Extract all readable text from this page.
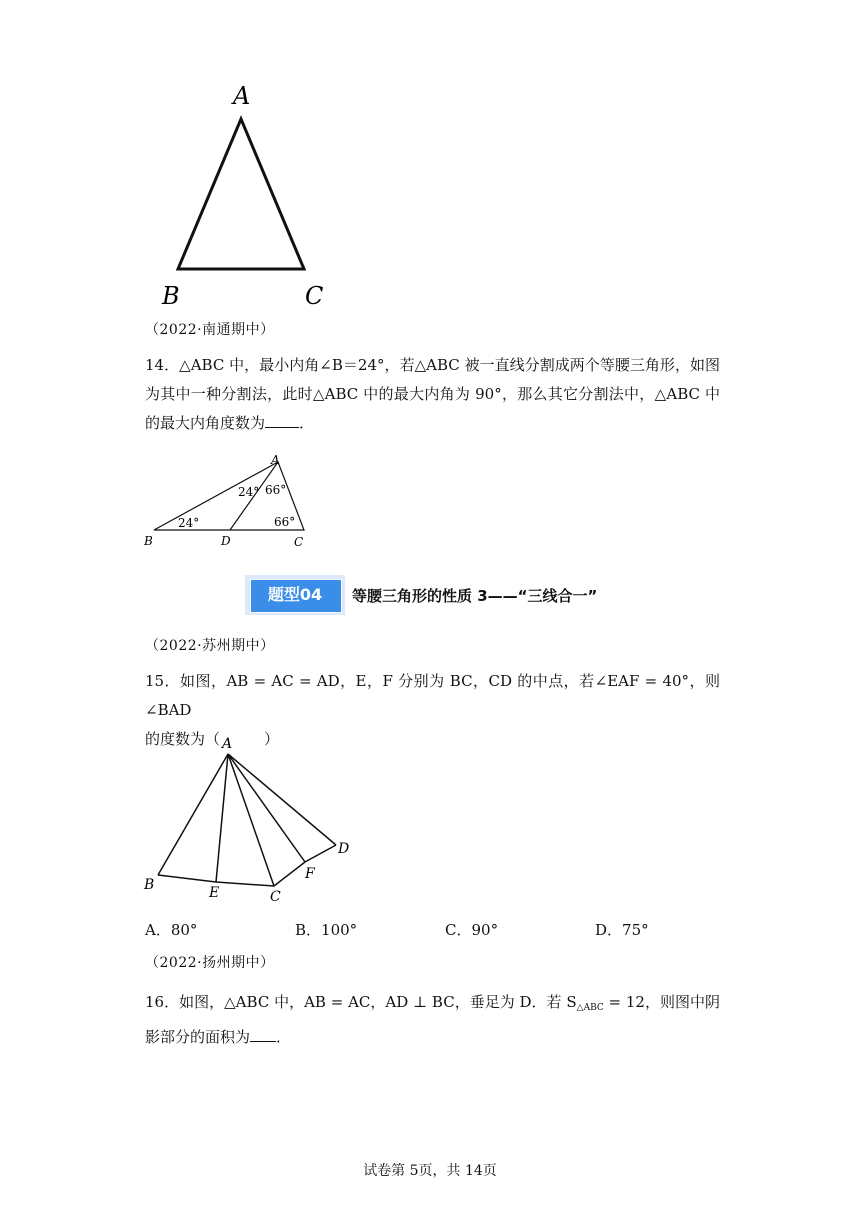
A
B	C
（2022·南通期中）
14．△ABC 中，最小内角∠B＝24°，若△ABC 被一直线分割成两个等腰三角形，如图为其中一种分割法，此时△ABC 中的最大内角为 90°，那么其它分割法中，△ABC 中的最大内角度数为 ．
A
B	D	C
24°
24° 66°
66°
题型04	等腰三角形的性质 3——“三线合一”
（2022·苏州期中）
15．如图，AB = AC = AD，E，F 分别为 BC，CD 的中点，若∠EAF = 40°，则∠BAD
的度数为（	）
A
B	E	C
F
D
A．80°	B．100°	C．90°	D．75°
（2022·扬州期中）
16．如图，△ABC 中，AB = AC，AD ⊥ BC，垂足为 D．若 $S_{\triangle ABC} = 12$，则图中阴影部分的面积为 ．
试卷第 5页，共 14页
